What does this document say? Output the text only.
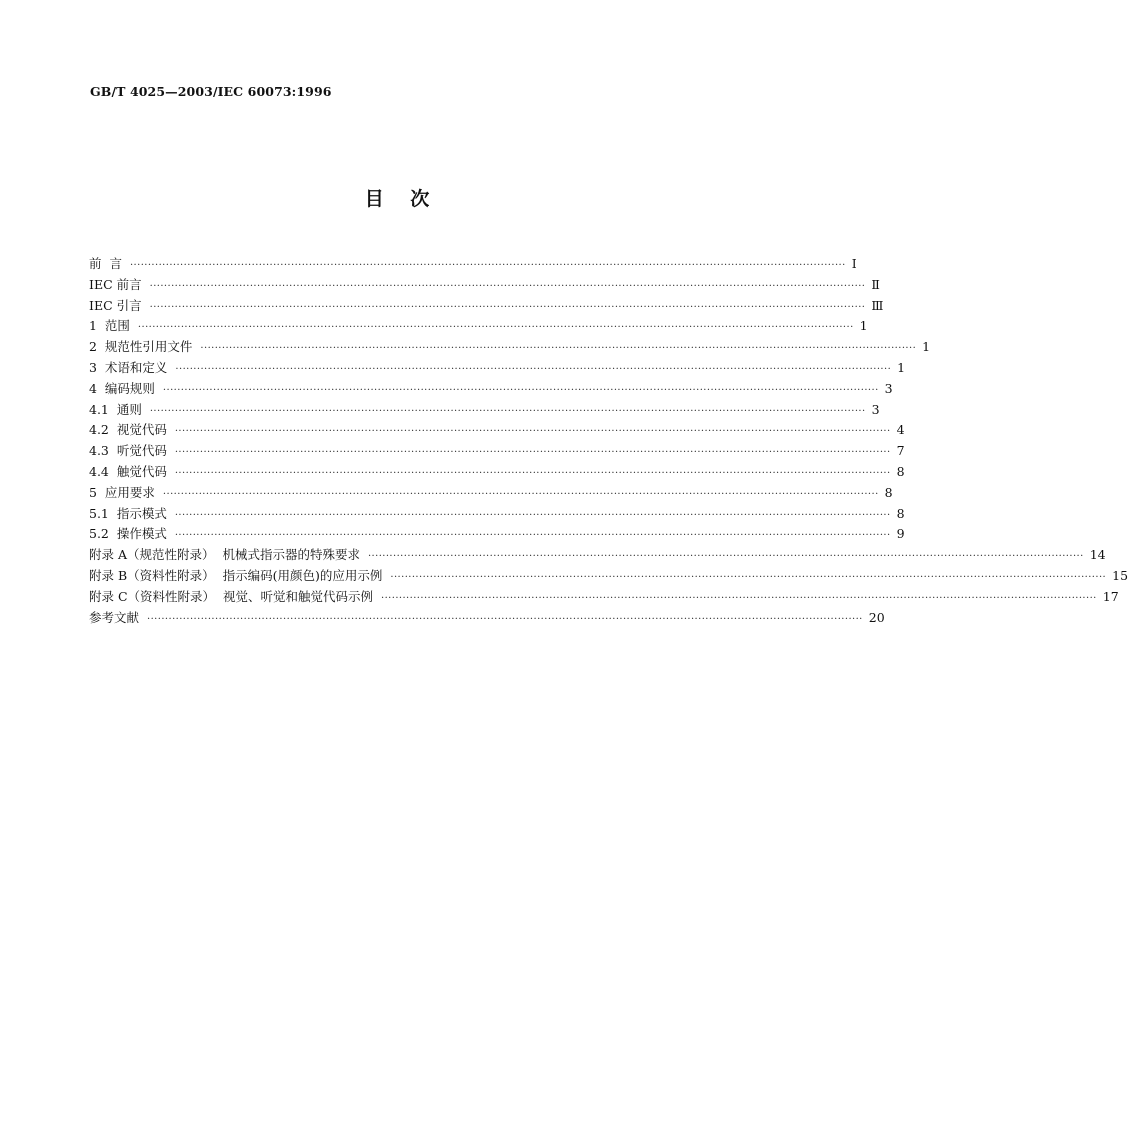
GB/T 4025—2003/IEC 60073:1996
目    次
前  言 ········································································································································································································ Ⅰ
IEC 前言 ········································································································································································································ Ⅱ
IEC 引言 ········································································································································································································ Ⅲ
1  范围 ········································································································································································································ 1
2  规范性引用文件 ········································································································································································································ 1
3  术语和定义 ········································································································································································································ 1
4  编码规则 ········································································································································································································ 3
4.1  通则 ········································································································································································································ 3
4.2  视觉代码 ········································································································································································································ 4
4.3  听觉代码 ········································································································································································································ 7
4.4  触觉代码 ········································································································································································································ 8
5  应用要求 ········································································································································································································ 8
5.1  指示模式 ········································································································································································································ 8
5.2  操作模式 ········································································································································································································ 9
附录 A（规范性附录）  机械式指示器的特殊要求 ········································································································································································································ 14
附录 B（资料性附录）  指示编码(用颜色)的应用示例 ········································································································································································································ 15
附录 C（资料性附录）  视觉、听觉和触觉代码示例 ········································································································································································································ 17
参考文献 ········································································································································································································ 20
